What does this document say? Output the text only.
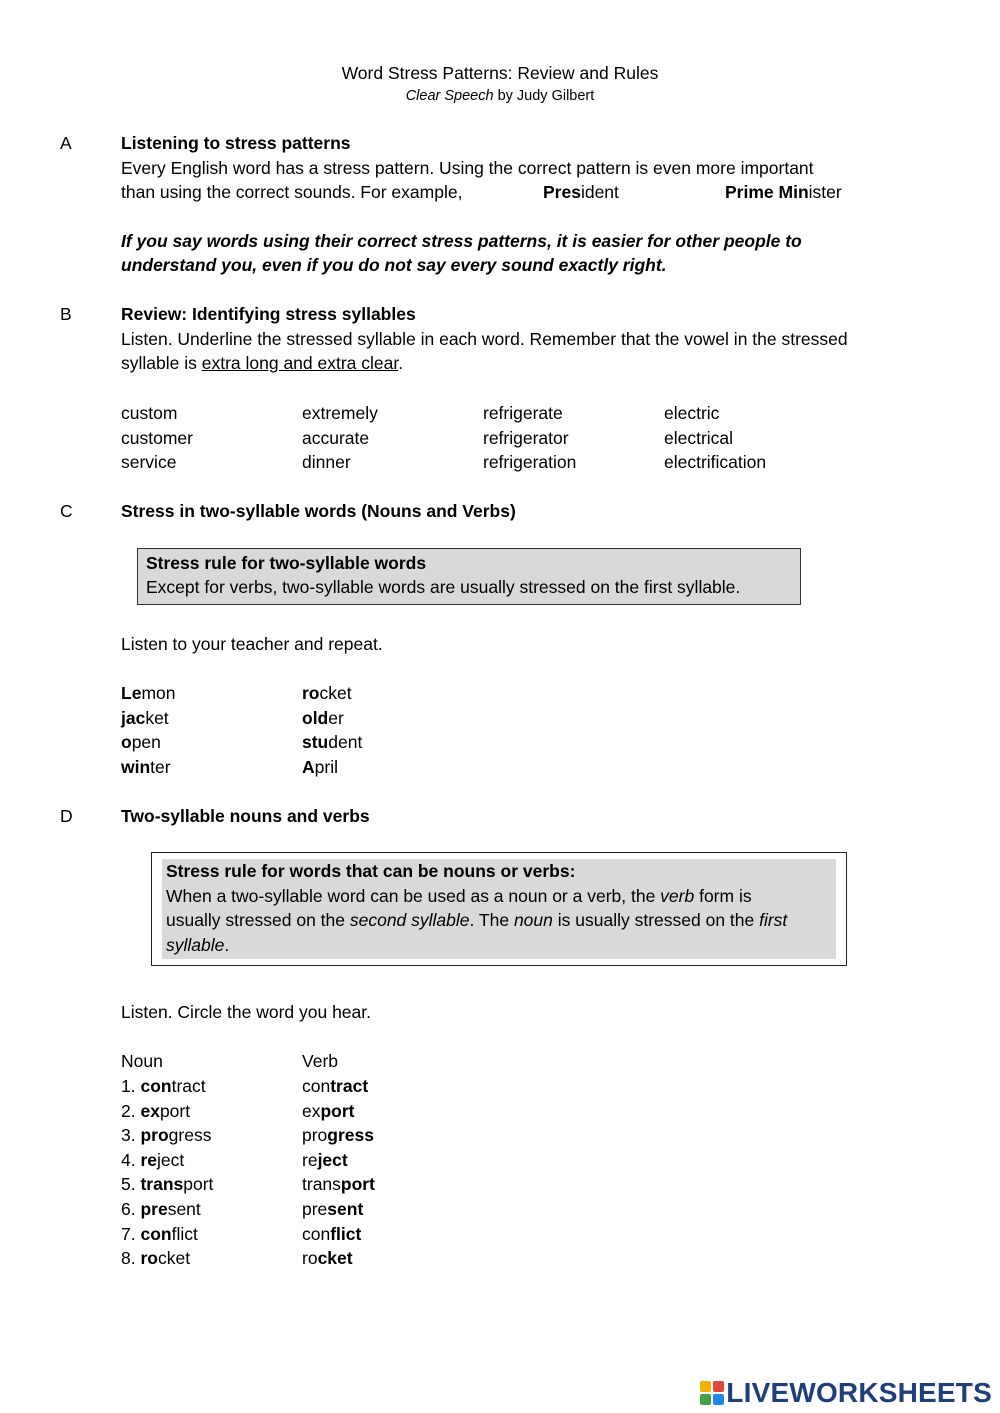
Word Stress Patterns: Review and Rules
Clear Speech by Judy Gilbert
A	Listening to stress patterns
Every English word has a stress pattern. Using the correct pattern is even more important
than using the correct sounds. For example,	President	Prime Minister
If you say words using their correct stress patterns, it is easier for other people to
understand you, even if you do not say every sound exactly right.
B	Review: Identifying stress syllables
Listen. Underline the stressed syllable in each word. Remember that the vowel in the stressed
syllable is extra long and extra clear.
custom	extremely	refrigerate	electric
customer	accurate	refrigerator	electrical
service	dinner	refrigeration	electrification
C	Stress in two-syllable words (Nouns and Verbs)
Stress rule for two-syllable words
Except for verbs, two-syllable words are usually stressed on the first syllable.
Listen to your teacher and repeat.
Lemon	rocket
jacket	older
open	student
winter	April
D	Two-syllable nouns and verbs
Stress rule for words that can be nouns or verbs:
When a two-syllable word can be used as a noun or a verb, the verb form is
usually stressed on the second syllable. The noun is usually stressed on the first
syllable.
Listen. Circle the word you hear.
Noun	Verb
1. contract	contract
2. export	export
3. progress	progress
4. reject	reject
5. transport	transport
6. present	present
7. conflict	conflict
8. rocket	rocket
LIVEWORKSHEETS
